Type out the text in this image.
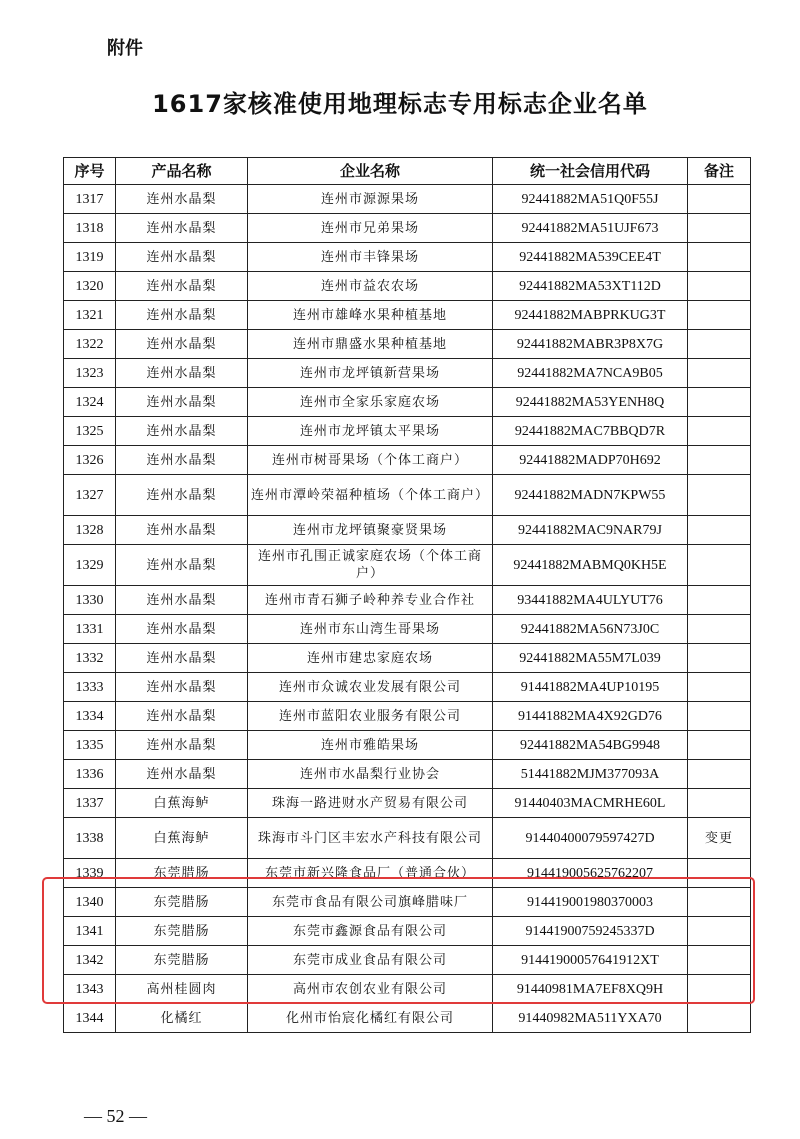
附件
1617家核准使用地理标志专用标志企业名单
序号	产品名称	企业名称	统一社会信用代码	备注
1317	连州水晶梨	连州市源源果场	92441882MA51Q0F55J	
1318	连州水晶梨	连州市兄弟果场	92441882MA51UJF673	
1319	连州水晶梨	连州市丰锋果场	92441882MA539CEE4T	
1320	连州水晶梨	连州市益农农场	92441882MA53XT112D	
1321	连州水晶梨	连州市雄峰水果种植基地	92441882MABPRKUG3T	
1322	连州水晶梨	连州市鼎盛水果种植基地	92441882MABR3P8X7G	
1323	连州水晶梨	连州市龙坪镇新营果场	92441882MA7NCA9B05	
1324	连州水晶梨	连州市全家乐家庭农场	92441882MA53YENH8Q	
1325	连州水晶梨	连州市龙坪镇太平果场	92441882MAC7BBQD7R	
1326	连州水晶梨	连州市树哥果场（个体工商户）	92441882MADP70H692	
1327	连州水晶梨	连州市潭岭荣福种植场（个体工商户）	92441882MADN7KPW55	
1328	连州水晶梨	连州市龙坪镇聚豪贤果场	92441882MAC9NAR79J	
1329	连州水晶梨	连州市孔围正诚家庭农场（个体工商户）	92441882MABMQ0KH5E	
1330	连州水晶梨	连州市青石狮子岭种养专业合作社	93441882MA4ULYUT76	
1331	连州水晶梨	连州市东山湾生哥果场	92441882MA56N73J0C	
1332	连州水晶梨	连州市建忠家庭农场	92441882MA55M7L039	
1333	连州水晶梨	连州市众诚农业发展有限公司	91441882MA4UP10195	
1334	连州水晶梨	连州市蓝阳农业服务有限公司	91441882MA4X92GD76	
1335	连州水晶梨	连州市雅皓果场	92441882MA54BG9948	
1336	连州水晶梨	连州市水晶梨行业协会	51441882MJM377093A	
1337	白蕉海鲈	珠海一路进财水产贸易有限公司	91440403MACMRHE60L	
1338	白蕉海鲈	珠海市斗门区丰宏水产科技有限公司	91440400079597427D	变更
1339	东莞腊肠	东莞市新兴隆食品厂（普通合伙）	914419005625762207	
1340	东莞腊肠	东莞市食品有限公司旗峰腊味厂	914419001980370003	
1341	东莞腊肠	东莞市鑫源食品有限公司	91441900759245337D	
1342	东莞腊肠	东莞市成业食品有限公司	91441900057641912XT	
1343	高州桂圆肉	高州市农创农业有限公司	91440981MA7EF8XQ9H	
1344	化橘红	化州市怡宸化橘红有限公司	91440982MA511YXA70	
— 52 —
